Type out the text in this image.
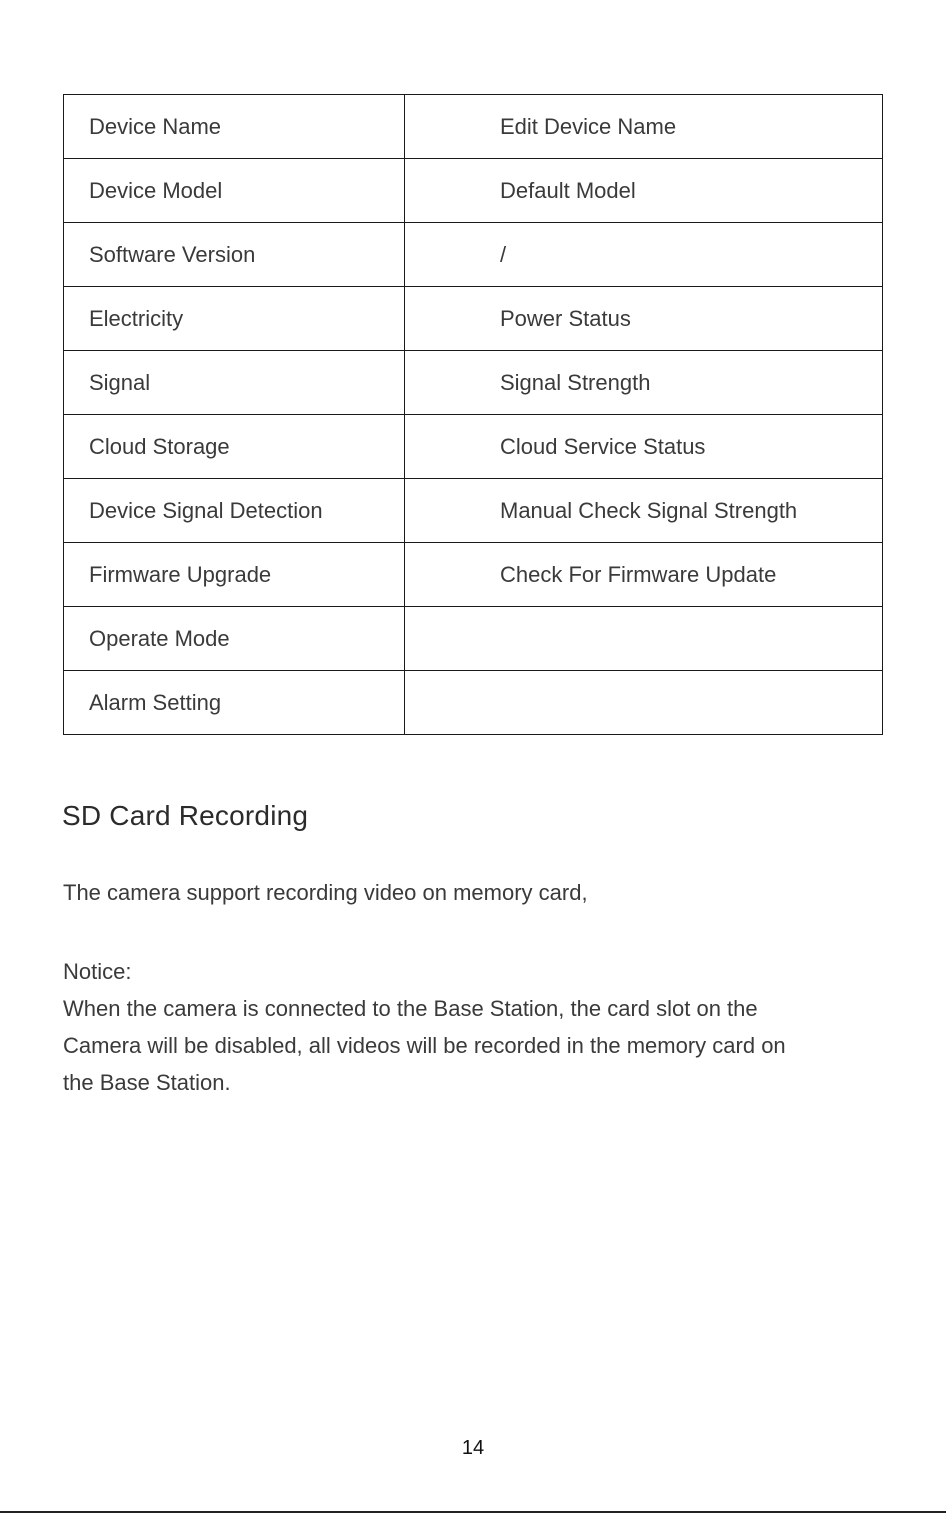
Device Name	Edit Device Name
Device Model	Default Model
Software Version	/
Electricity	Power Status
Signal	Signal Strength
Cloud Storage	Cloud Service Status
Device Signal Detection	Manual Check Signal Strength
Firmware Upgrade	Check For Firmware Update
Operate Mode	
Alarm Setting	
SD Card Recording

The camera support recording video on memory card,

Notice:

When the camera is connected to the Base Station, the card slot on the

Camera will be disabled, all videos will be recorded in the memory card on

the Base Station.

14
